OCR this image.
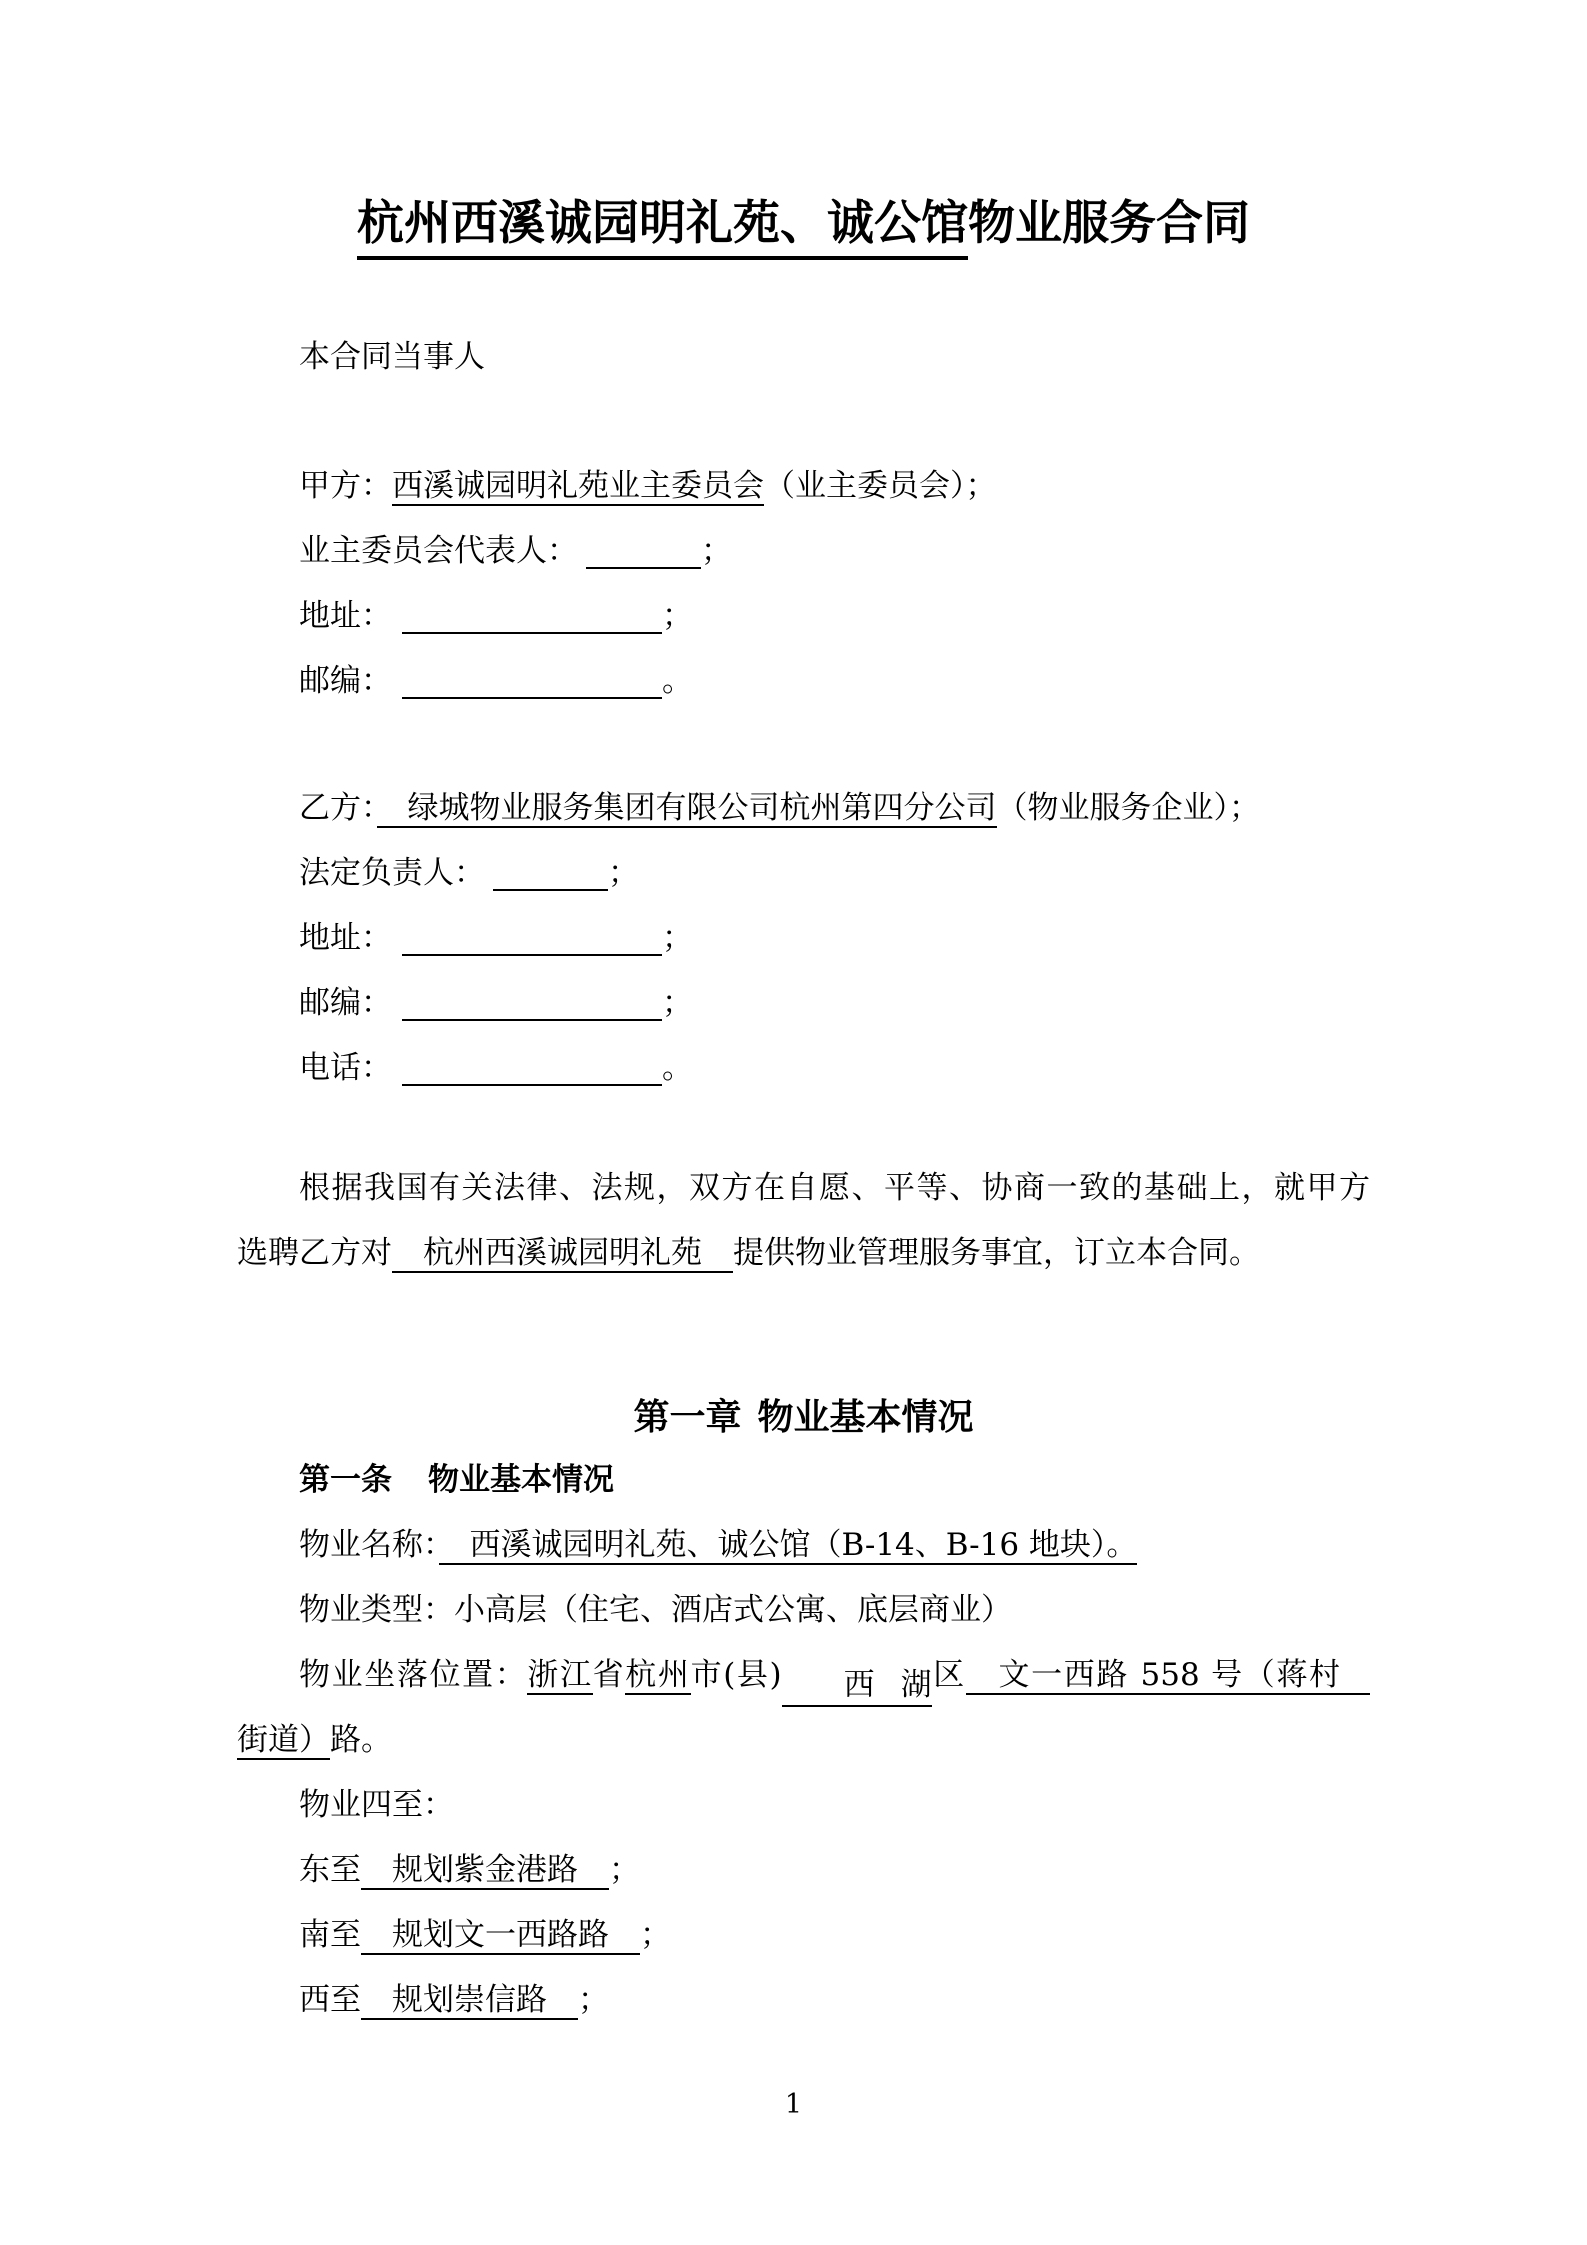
杭州西溪诚园明礼苑、诚公馆物业服务合同

本合同当事人

甲方：西溪诚园明礼苑业主委员会（业主委员会）；

业主委员会代表人：	；

地址：	；

邮编：	。

乙方：　绿城物业服务集团有限公司杭州第四分公司（物业服务企业）；

法定负责人：	；

地址：	；

邮编：	；

电话：	。

根据我国有关法律、法规，双方在自愿、平等、协商一致的基础上，就甲方

选聘乙方对　杭州西溪诚园明礼苑　提供物业管理服务事宜，订立本合同。

第一章 物业基本情况
第一条 物业基本情况

物业名称：　西溪诚园明礼苑、诚公馆（B-14、B-16 地块）。

物业类型：小高层（住宅、酒店式公寓、底层商业）

物业坐落位置：浙江省杭州市(县) 西湖区　文一西路 558 号（蒋村

街道）路。

物业四至：

东至　规划紫金港路　；

南至　规划文一西路路　；

西至　规划崇信路　；

1
